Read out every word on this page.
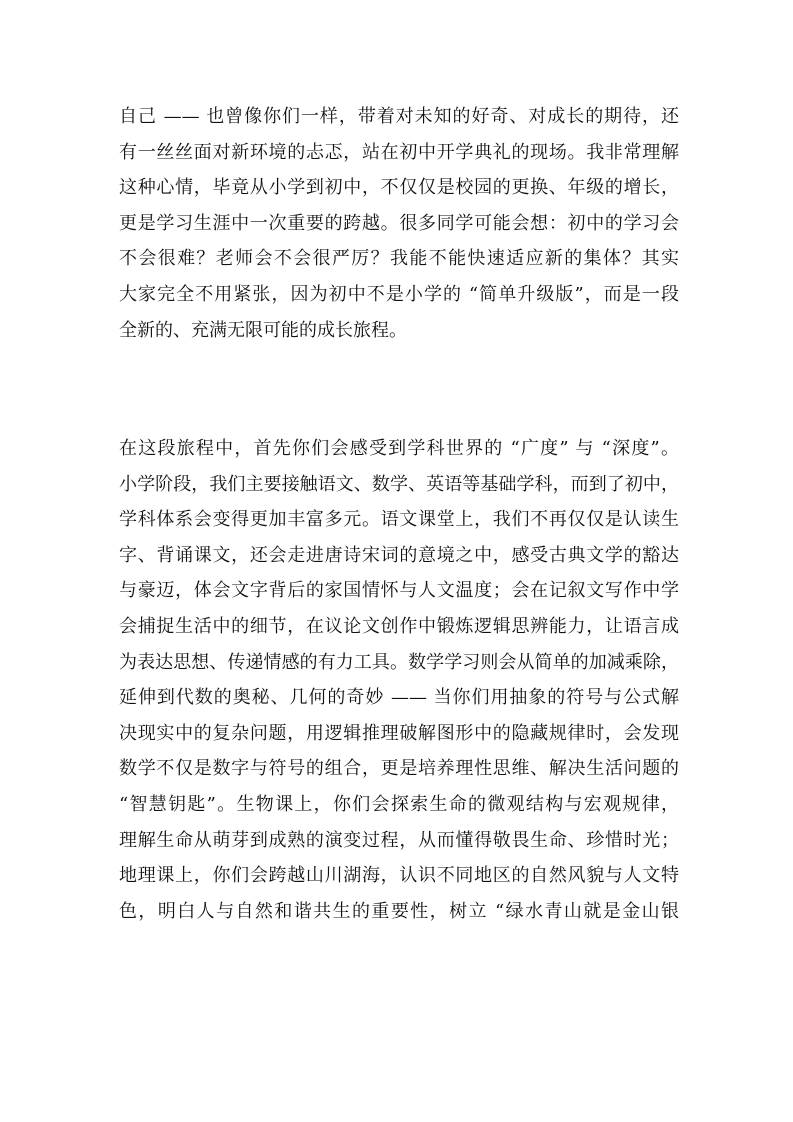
自己 —— 也曾像你们一样，带着对未知的好奇、对成长的期待，还
有一丝丝面对新环境的忐忑，站在初中开学典礼的现场。我非常理解
这种心情，毕竟从小学到初中，不仅仅是校园的更换、年级的增长，
更是学习生涯中一次重要的跨越。很多同学可能会想：初中的学习会
不会很难？老师会不会很严厉？我能不能快速适应新的集体？其实
大家完全不用紧张，因为初中不是小学的 “简单升级版”，而是一段
全新的、充满无限可能的成长旅程。
在这段旅程中，首先你们会感受到学科世界的 “广度” 与 “深度”。
小学阶段，我们主要接触语文、数学、英语等基础学科，而到了初中，
学科体系会变得更加丰富多元。语文课堂上，我们不再仅仅是认读生
字、背诵课文，还会走进唐诗宋词的意境之中，感受古典文学的豁达
与豪迈，体会文字背后的家国情怀与人文温度；会在记叙文写作中学
会捕捉生活中的细节，在议论文创作中锻炼逻辑思辨能力，让语言成
为表达思想、传递情感的有力工具。数学学习则会从简单的加减乘除，
延伸到代数的奥秘、几何的奇妙 —— 当你们用抽象的符号与公式解
决现实中的复杂问题，用逻辑推理破解图形中的隐藏规律时，会发现
数学不仅是数字与符号的组合，更是培养理性思维、解决生活问题的
“智慧钥匙”。生物课上，你们会探索生命的微观结构与宏观规律，
理解生命从萌芽到成熟的演变过程，从而懂得敬畏生命、珍惜时光；
地理课上，你们会跨越山川湖海，认识不同地区的自然风貌与人文特
色，明白人与自然和谐共生的重要性，树立 “绿水青山就是金山银
